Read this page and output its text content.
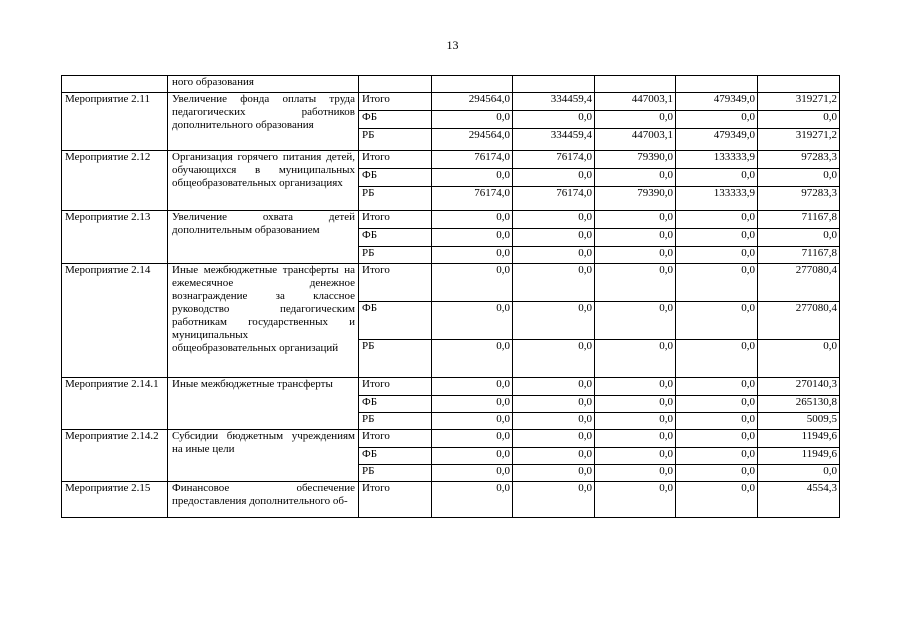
13
	ного образования						
Мероприятие 2.11	Увеличение фонда оплаты труда педагогических работников дополнительного образования	Итого	294564,0	334459,4	447003,1	479349,0	319271,2
		ФБ	0,0	0,0	0,0	0,0	0,0
		РБ	294564,0	334459,4	447003,1	479349,0	319271,2
Мероприятие 2.12	Организация горячего питания детей, обучающихся в муниципальных общеобразовательных организациях	Итого	76174,0	76174,0	79390,0	133333,9	97283,3
		ФБ	0,0	0,0	0,0	0,0	0,0
		РБ	76174,0	76174,0	79390,0	133333,9	97283,3
Мероприятие 2.13	Увеличение охвата детей дополнительным образованием	Итого	0,0	0,0	0,0	0,0	71167,8
		ФБ	0,0	0,0	0,0	0,0	0,0
		РБ	0,0	0,0	0,0	0,0	71167,8
Мероприятие 2.14	Иные межбюджетные трансферты на ежемесячное денежное вознаграждение за классное руководство педагогическим работникам государственных и муниципальных общеобразовательных организаций	Итого	0,0	0,0	0,0	0,0	277080,4
		ФБ	0,0	0,0	0,0	0,0	277080,4
		РБ	0,0	0,0	0,0	0,0	0,0
Мероприятие 2.14.1	Иные межбюджетные трансферты	Итого	0,0	0,0	0,0	0,0	270140,3
		ФБ	0,0	0,0	0,0	0,0	265130,8
		РБ	0,0	0,0	0,0	0,0	5009,5
Мероприятие 2.14.2	Субсидии бюджетным учреждениям на иные цели	Итого	0,0	0,0	0,0	0,0	11949,6
		ФБ	0,0	0,0	0,0	0,0	11949,6
		РБ	0,0	0,0	0,0	0,0	0,0
Мероприятие 2.15	Финансовое обеспечение предоставления дополнительного об-	Итого	0,0	0,0	0,0	0,0	4554,3
